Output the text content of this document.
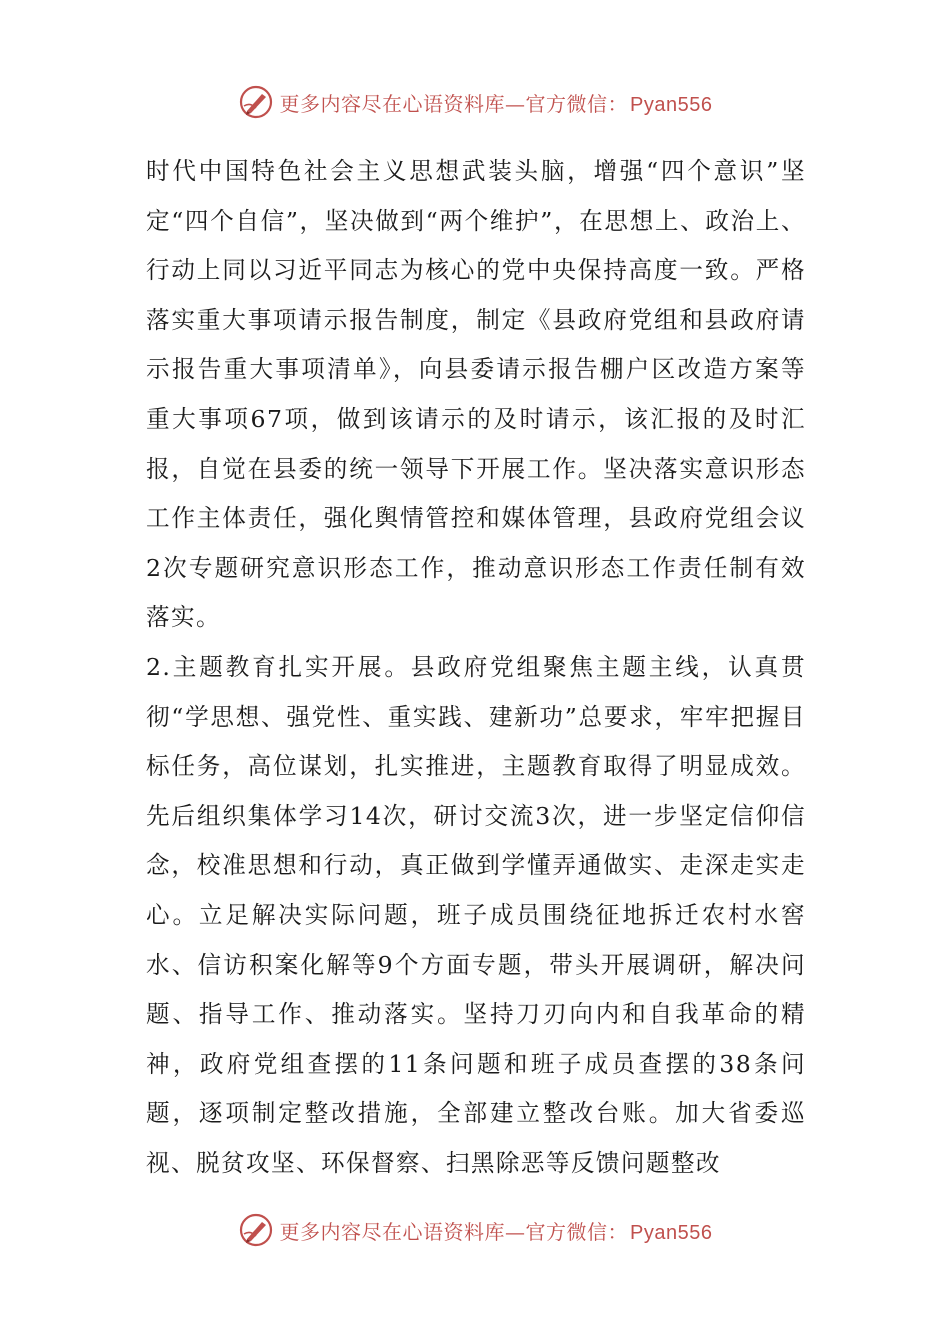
更多内容尽在心语资料库—官方微信： Pyan556

时代中国特色社会主义思想武装头脑，增强“四个意识”坚定“四个自信”，坚决做到“两个维护”，在思想上、政治上、行动上同以习近平同志为核心的党中央保持高度一致。严格落实重大事项请示报告制度，制定《县政府党组和县政府请示报告重大事项清单》，向县委请示报告棚户区改造方案等重大事项67项，做到该请示的及时请示，该汇报的及时汇报，自觉在县委的统一领导下开展工作。坚决落实意识形态工作主体责任，强化舆情管控和媒体管理，县政府党组会议2次专题研究意识形态工作，推动意识形态工作责任制有效落实。

2.主题教育扎实开展。县政府党组聚焦主题主线，认真贯彻“学思想、强党性、重实践、建新功”总要求，牢牢把握目标任务，高位谋划，扎实推进，主题教育取得了明显成效。先后组织集体学习14次，研讨交流3次，进一步坚定信仰信念，校准思想和行动，真正做到学懂弄通做实、走深走实走心。立足解决实际问题，班子成员围绕征地拆迁农村水窖水、信访积案化解等9个方面专题，带头开展调研，解决问题、指导工作、推动落实。坚持刀刃向内和自我革命的精神，政府党组查摆的11条问题和班子成员查摆的38条问题，逐项制定整改措施，全部建立整改台账。加大省委巡视、脱贫攻坚、环保督察、扫黑除恶等反馈问题整改

更多内容尽在心语资料库—官方微信： Pyan556
